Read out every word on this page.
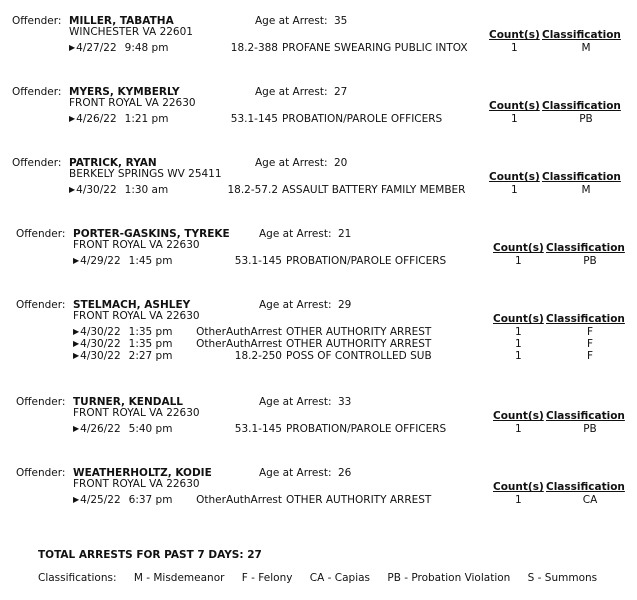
Offender: MILLER, TABATHA	Age at Arrest: 35
WINCHESTER VA 22601	Count(s) Classification
▶4/27/22 9:48 pm	18.2-388 PROFANE SWEARING PUBLIC INTOX	1	M
Offender: MYERS, KYMBERLY	Age at Arrest: 27
FRONT ROYAL VA 22630	Count(s) Classification
▶4/26/22 1:21 pm	53.1-145 PROBATION/PAROLE OFFICERS	1	PB
Offender: PATRICK, RYAN	Age at Arrest: 20
BERKELY SPRINGS WV 25411	Count(s) Classification
▶4/30/22 1:30 am	18.2-57.2 ASSAULT BATTERY FAMILY MEMBER	1	M
Offender: PORTER-GASKINS, TYREKE	Age at Arrest: 21
FRONT ROYAL VA 22630	Count(s) Classification
▶4/29/22 1:45 pm	53.1-145 PROBATION/PAROLE OFFICERS	1	PB
Offender: STELMACH, ASHLEY	Age at Arrest: 29
FRONT ROYAL VA 22630	Count(s) Classification
▶4/30/22 1:35 pm OtherAuthArrest OTHER AUTHORITY ARREST	1	F
▶4/30/22 1:35 pm OtherAuthArrest OTHER AUTHORITY ARREST	1	F
▶4/30/22 2:27 pm	18.2-250 POSS OF CONTROLLED SUB	1	F
Offender: TURNER, KENDALL	Age at Arrest: 33
FRONT ROYAL VA 22630	Count(s) Classification
▶4/26/22 5:40 pm	53.1-145 PROBATION/PAROLE OFFICERS	1	PB
Offender: WEATHERHOLTZ, KODIE	Age at Arrest: 26
FRONT ROYAL VA 22630	Count(s) Classification
▶4/25/22 6:37 pm OtherAuthArrest OTHER AUTHORITY ARREST	1	CA
TOTAL ARRESTS FOR PAST 7 DAYS: 27
Classifications: M - Misdemeanor F - Felony CA - Capias PB - Probation Violation S - Summons
